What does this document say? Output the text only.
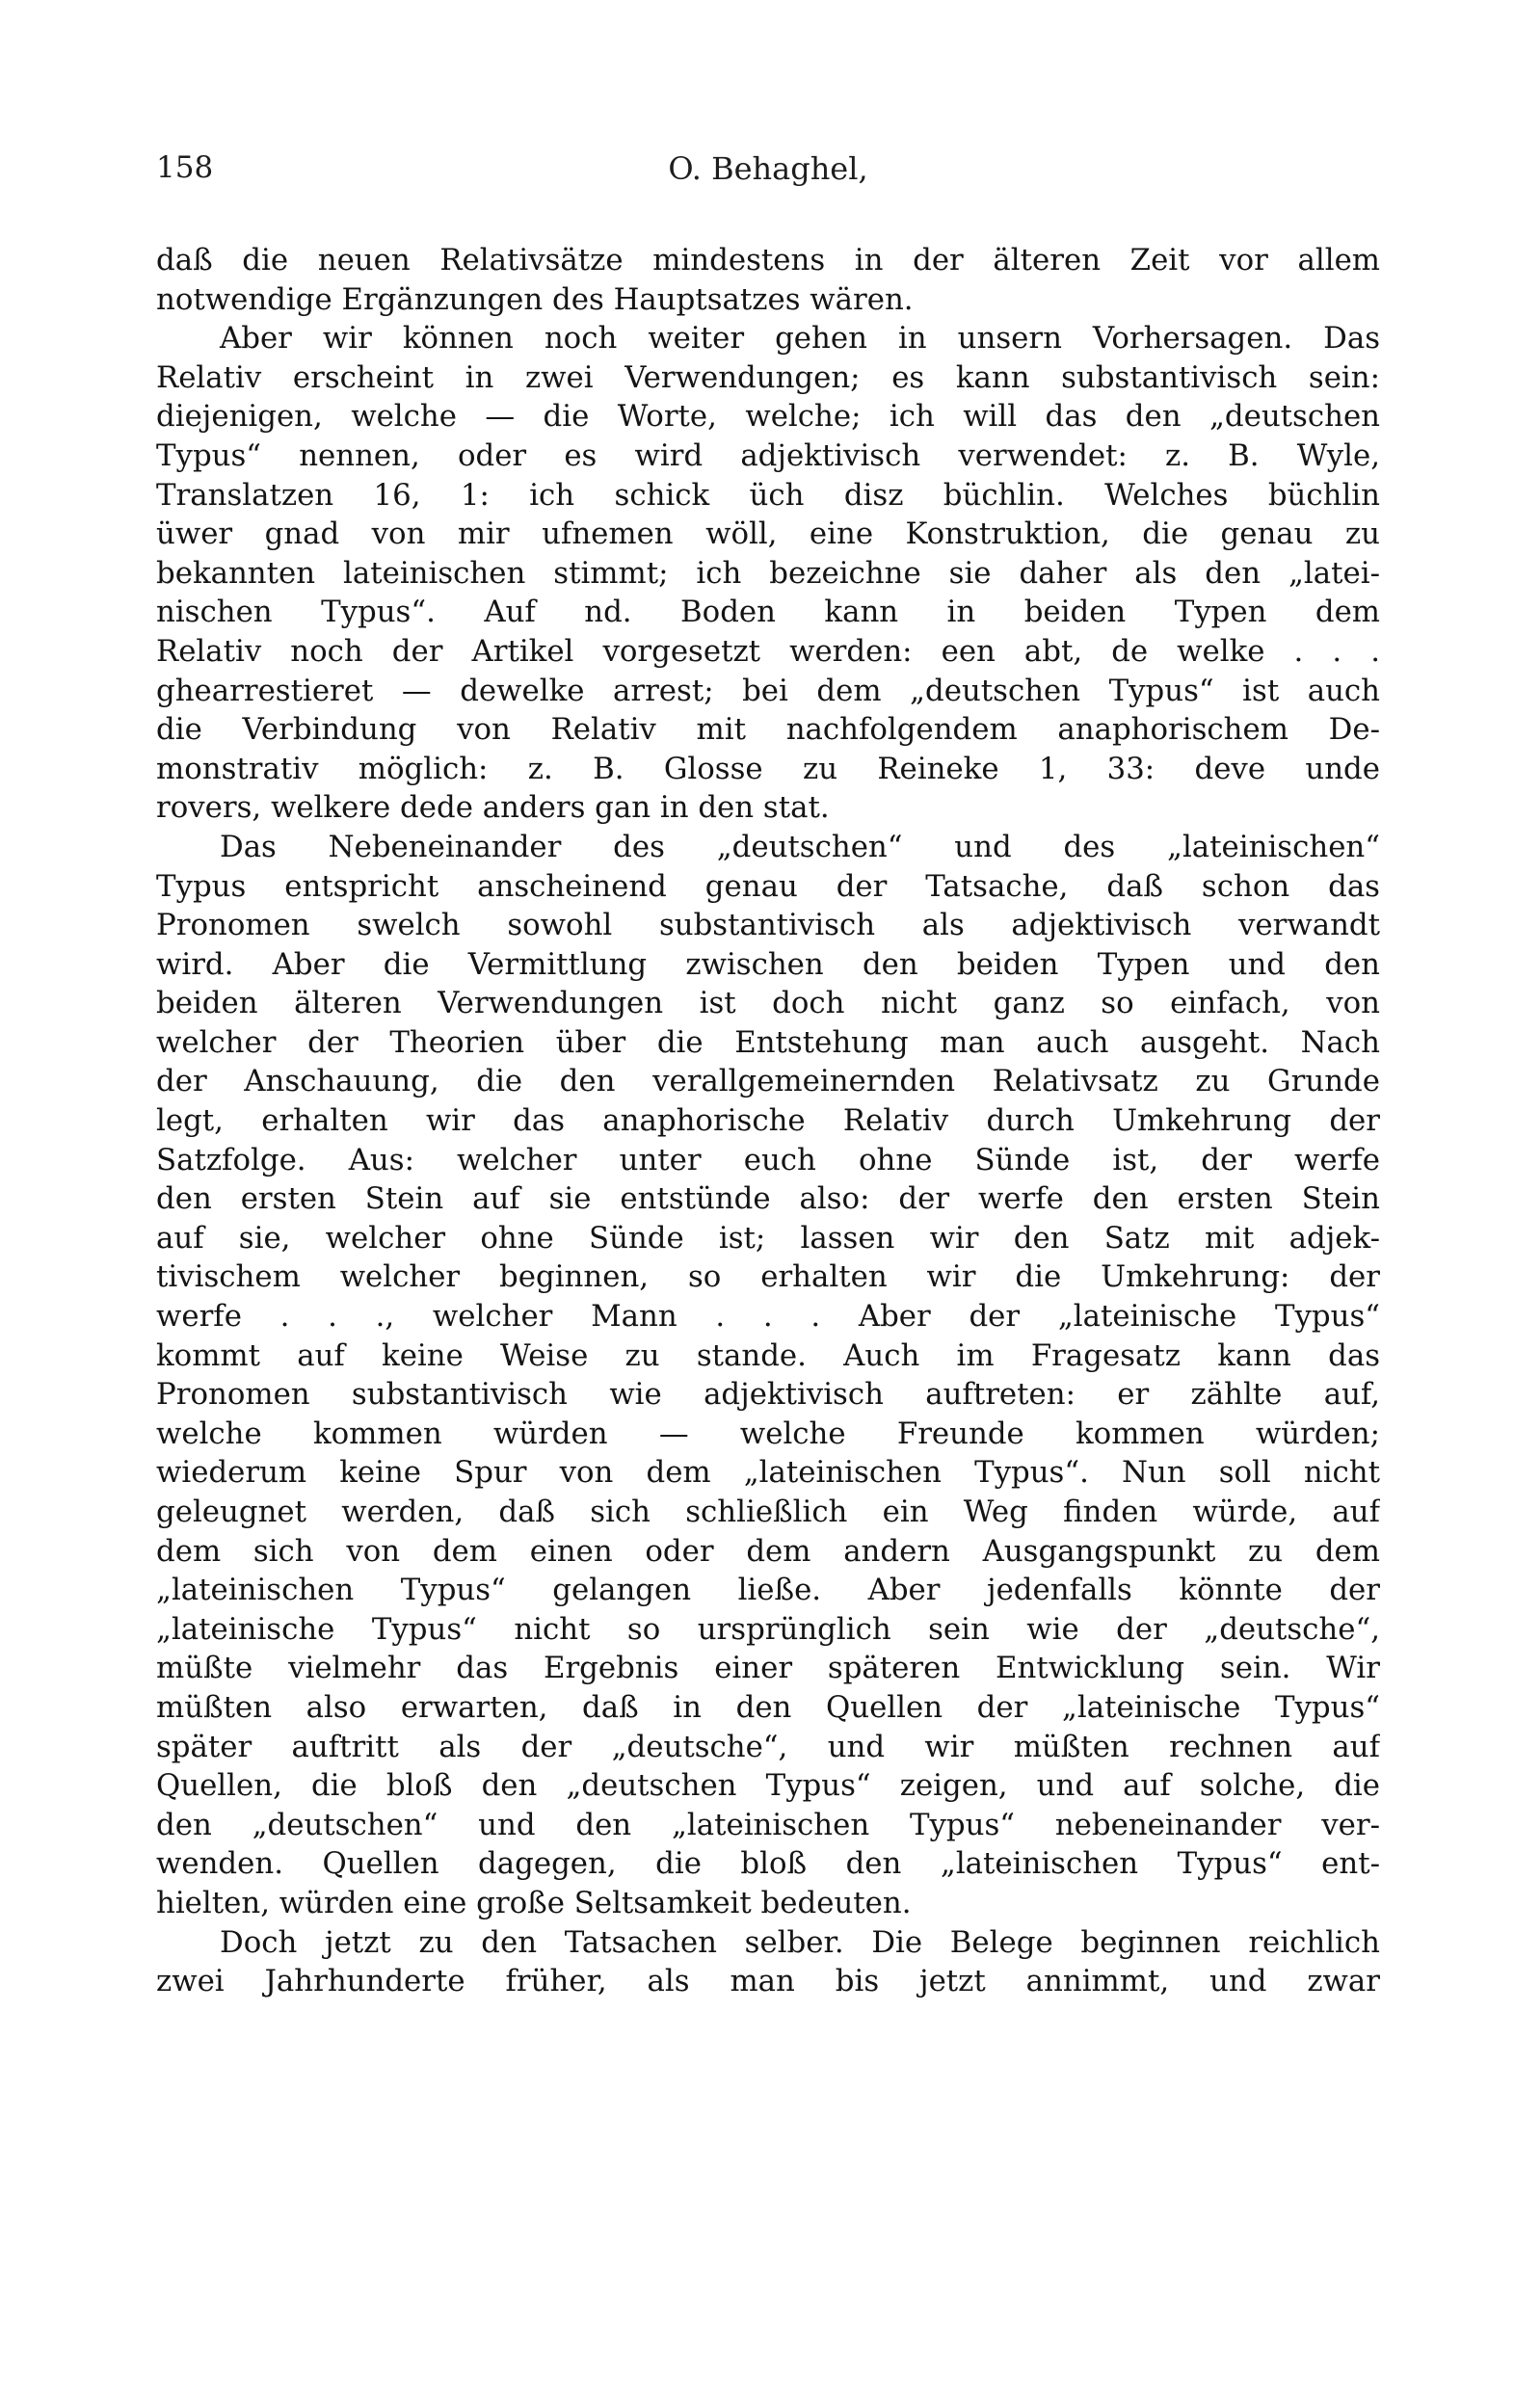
158	O. Behaghel,
daß die neuen Relativsätze mindestens in der älteren Zeit vor allem
notwendige Ergänzungen des Hauptsatzes wären.
Aber wir können noch weiter gehen in unsern Vorhersagen. Das
Relativ erscheint in zwei Verwendungen; es kann substantivisch sein:
diejenigen, welche — die Worte, welche; ich will das den „deutschen
Typus“ nennen, oder es wird adjektivisch verwendet: z. B. Wyle,
Translatzen 16, 1: ich schick üch disz büchlin. Welches büchlin
üwer gnad von mir ufnemen wöll, eine Konstruktion, die genau zu
bekannten lateinischen stimmt; ich bezeichne sie daher als den „latei-
nischen Typus“. Auf nd. Boden kann in beiden Typen dem
Relativ noch der Artikel vorgesetzt werden: een abt, de welke . . .
ghearrestieret — dewelke arrest; bei dem „deutschen Typus“ ist auch
die Verbindung von Relativ mit nachfolgendem anaphorischem De-
monstrativ möglich: z. B. Glosse zu Reineke 1, 33: deve unde
rovers, welkere dede anders gan in den stat.
Das Nebeneinander des „deutschen“ und des „lateinischen“
Typus entspricht anscheinend genau der Tatsache, daß schon das
Pronomen swelch sowohl substantivisch als adjektivisch verwandt
wird. Aber die Vermittlung zwischen den beiden Typen und den
beiden älteren Verwendungen ist doch nicht ganz so einfach, von
welcher der Theorien über die Entstehung man auch ausgeht. Nach
der Anschauung, die den verallgemeinernden Relativsatz zu Grunde
legt, erhalten wir das anaphorische Relativ durch Umkehrung der
Satzfolge. Aus: welcher unter euch ohne Sünde ist, der werfe
den ersten Stein auf sie entstünde also: der werfe den ersten Stein
auf sie, welcher ohne Sünde ist; lassen wir den Satz mit adjek-
tivischem welcher beginnen, so erhalten wir die Umkehrung: der
werfe . . ., welcher Mann . . . Aber der „lateinische Typus“
kommt auf keine Weise zu stande. Auch im Fragesatz kann das
Pronomen substantivisch wie adjektivisch auftreten: er zählte auf,
welche kommen würden — welche Freunde kommen würden;
wiederum keine Spur von dem „lateinischen Typus“. Nun soll nicht
geleugnet werden, daß sich schließlich ein Weg finden würde, auf
dem sich von dem einen oder dem andern Ausgangspunkt zu dem
„lateinischen Typus“ gelangen ließe. Aber jedenfalls könnte der
„lateinische Typus“ nicht so ursprünglich sein wie der „deutsche“,
müßte vielmehr das Ergebnis einer späteren Entwicklung sein. Wir
müßten also erwarten, daß in den Quellen der „lateinische Typus“
später auftritt als der „deutsche“, und wir müßten rechnen auf
Quellen, die bloß den „deutschen Typus“ zeigen, und auf solche, die
den „deutschen“ und den „lateinischen Typus“ nebeneinander ver-
wenden. Quellen dagegen, die bloß den „lateinischen Typus“ ent-
hielten, würden eine große Seltsamkeit bedeuten.
Doch jetzt zu den Tatsachen selber. Die Belege beginnen reichlich
zwei Jahrhunderte früher, als man bis jetzt annimmt, und zwar
